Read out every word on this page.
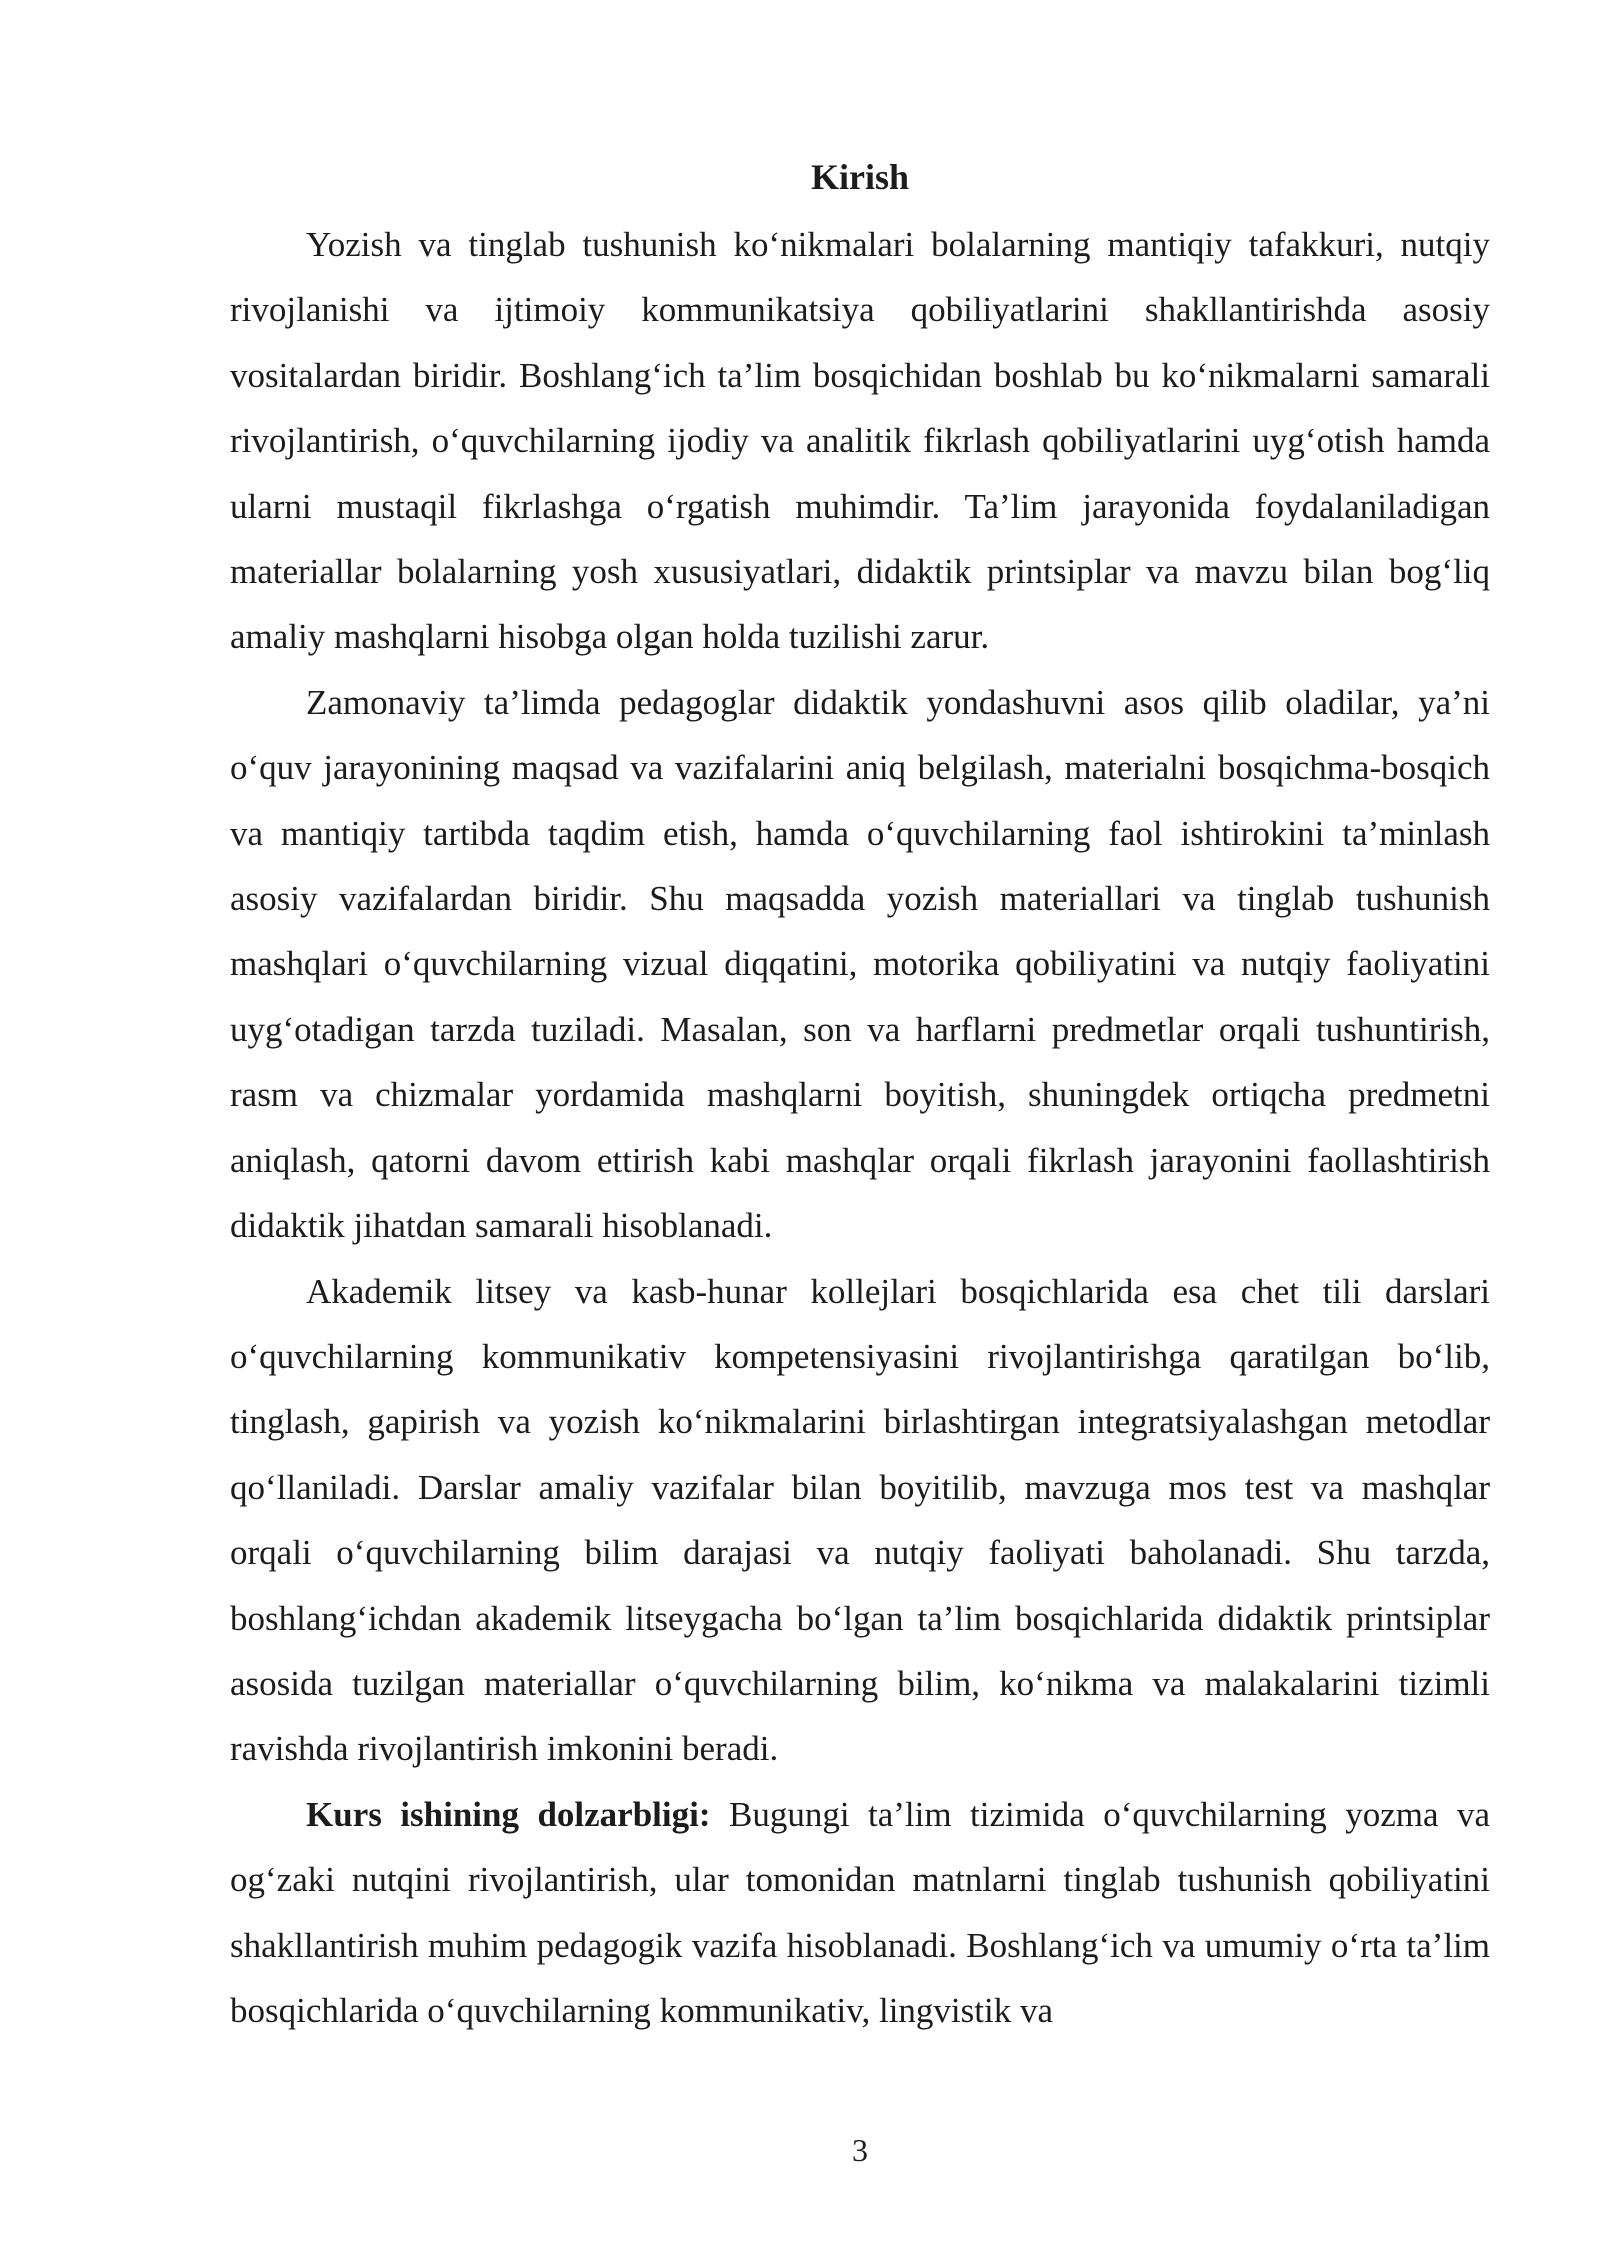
Kirish

Yozish va tinglab tushunish ko‘nikmalari bolalarning mantiqiy tafakkuri, nutqiy rivojlanishi va ijtimoiy kommunikatsiya qobiliyatlarini shakllantirishda asosiy vositalardan biridir. Boshlang‘ich ta’lim bosqichidan boshlab bu ko‘nikmalarni samarali rivojlantirish, o‘quvchilarning ijodiy va analitik fikrlash qobiliyatlarini uyg‘otish hamda ularni mustaqil fikrlashga o‘rgatish muhimdir. Ta’lim jarayonida foydalaniladigan materiallar bolalarning yosh xususiyatlari, didaktik printsiplar va mavzu bilan bog‘liq amaliy mashqlarni hisobga olgan holda tuzilishi zarur.

Zamonaviy ta’limda pedagoglar didaktik yondashuvni asos qilib oladilar, ya’ni o‘quv jarayonining maqsad va vazifalarini aniq belgilash, materialni bosqichma-bosqich va mantiqiy tartibda taqdim etish, hamda o‘quvchilarning faol ishtirokini ta’minlash asosiy vazifalardan biridir. Shu maqsadda yozish materiallari va tinglab tushunish mashqlari o‘quvchilarning vizual diqqatini, motorika qobiliyatini va nutqiy faoliyatini uyg‘otadigan tarzda tuziladi. Masalan, son va harflarni predmetlar orqali tushuntirish, rasm va chizmalar yordamida mashqlarni boyitish, shuningdek ortiqcha predmetni aniqlash, qatorni davom ettirish kabi mashqlar orqali fikrlash jarayonini faollashtirish didaktik jihatdan samarali hisoblanadi.

Akademik litsey va kasb-hunar kollejlari bosqichlarida esa chet tili darslari o‘quvchilarning kommunikativ kompetensiyasini rivojlantirishga qaratilgan bo‘lib, tinglash, gapirish va yozish ko‘nikmalarini birlashtirgan integratsiyalashgan metodlar qo‘llaniladi. Darslar amaliy vazifalar bilan boyitilib, mavzuga mos test va mashqlar orqali o‘quvchilarning bilim darajasi va nutqiy faoliyati baholanadi. Shu tarzda, boshlang‘ichdan akademik litseygacha bo‘lgan ta’lim bosqichlarida didaktik printsiplar asosida tuzilgan materiallar o‘quvchilarning bilim, ko‘nikma va malakalarini tizimli ravishda rivojlantirish imkonini beradi.

Kurs ishining dolzarbligi: Bugungi ta’lim tizimida o‘quvchilarning yozma va og‘zaki nutqini rivojlantirish, ular tomonidan matnlarni tinglab tushunish qobiliyatini shakllantirish muhim pedagogik vazifa hisoblanadi. Boshlang‘ich va umumiy o‘rta ta’lim bosqichlarida o‘quvchilarning kommunikativ, lingvistik va

3
